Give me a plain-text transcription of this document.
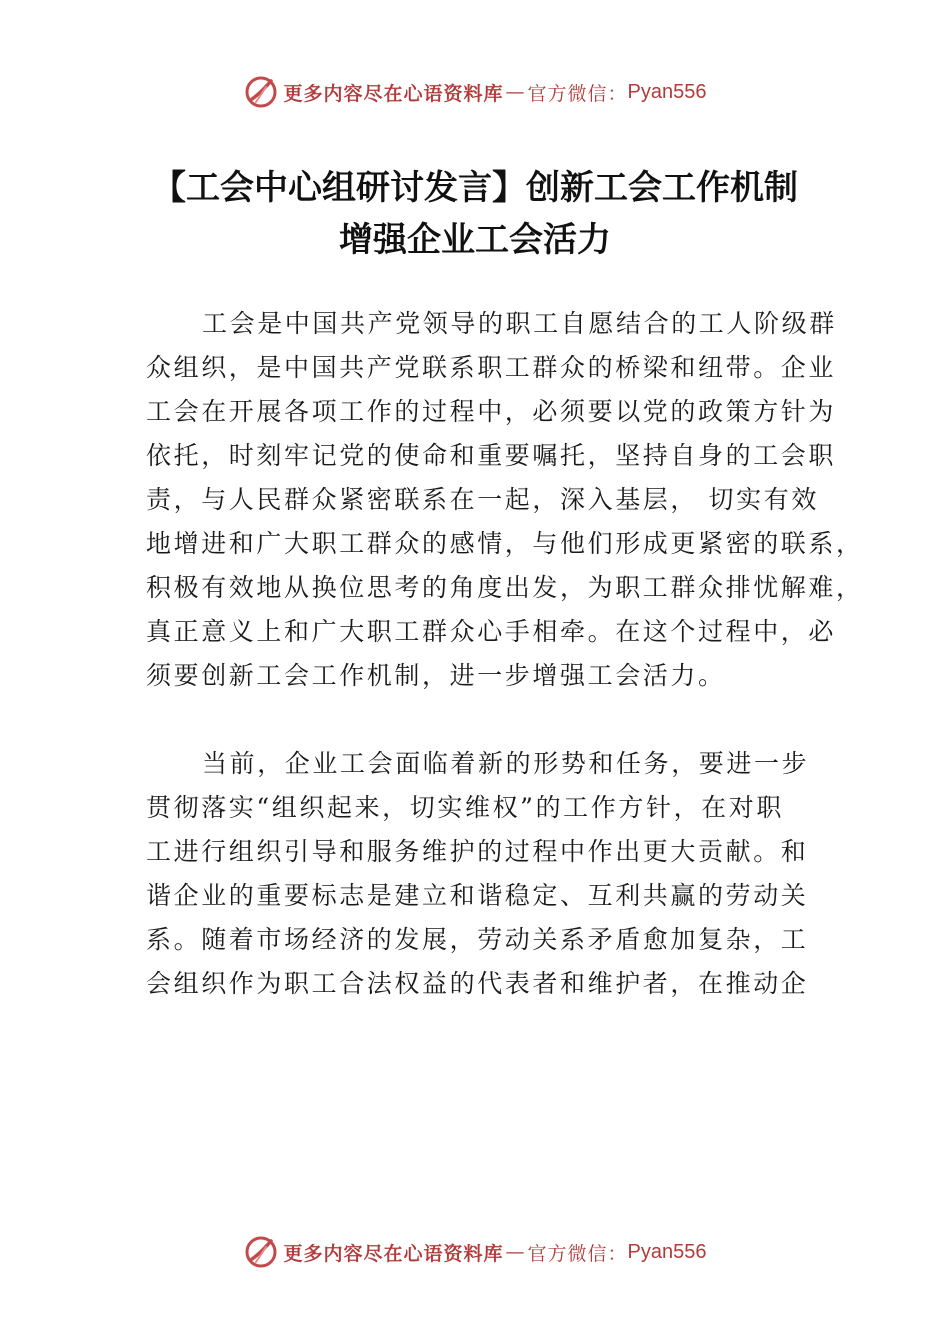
更多内容尽在心语资料库 — 官方微信： Pyan556
【工会中心组研讨发言】创新工会工作机制
增强企业工会活力
工会是中国共产党领导的职工自愿结合的工人阶级群
众组织，是中国共产党联系职工群众的桥梁和纽带。企业
工会在开展各项工作的过程中，必须要以党的政策方针为
依托，时刻牢记党的使命和重要嘱托，坚持自身的工会职
责，与人民群众紧密联系在一起，深入基层， 切实有效
地增进和广大职工群众的感情，与他们形成更紧密的联系，
积极有效地从换位思考的角度出发，为职工群众排忧解难，
真正意义上和广大职工群众心手相牵。在这个过程中，必
须要创新工会工作机制，进一步增强工会活力。
当前，企业工会面临着新的形势和任务，要进一步
贯彻落实“组织起来，切实维权”的工作方针，在对职
工进行组织引导和服务维护的过程中作出更大贡献。和
谐企业的重要标志是建立和谐稳定、互利共赢的劳动关
系。随着市场经济的发展，劳动关系矛盾愈加复杂，工
会组织作为职工合法权益的代表者和维护者，在推动企
更多内容尽在心语资料库 — 官方微信： Pyan556
